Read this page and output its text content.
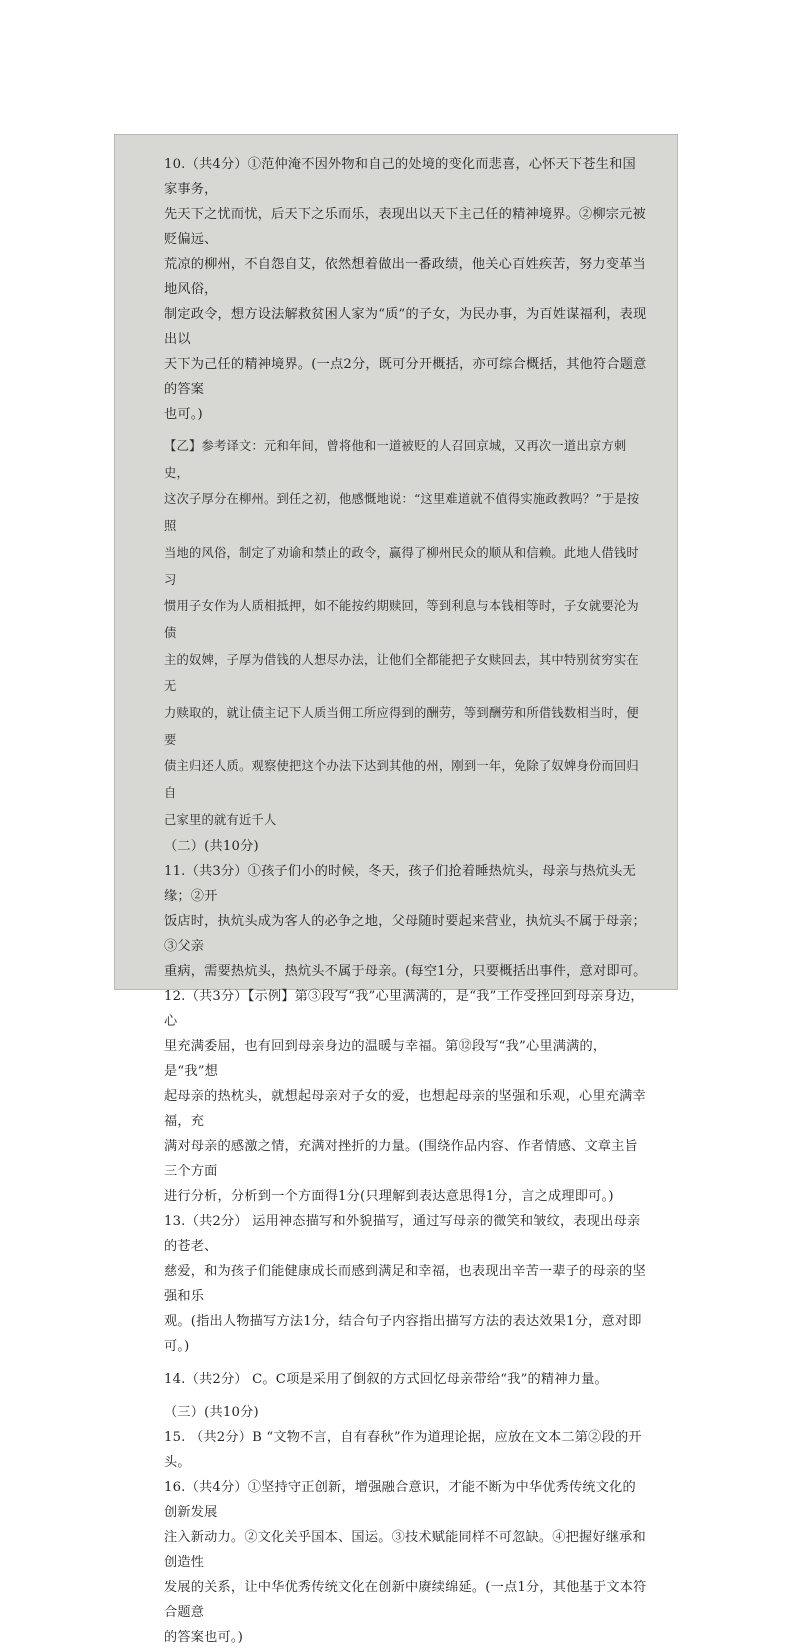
10.（共4分）①范仲淹不因外物和自己的处境的变化而悲喜，心怀天下苍生和国家事务，

先天下之忧而忧，后天下之乐而乐，表现出以天下主己任的精神境界。②柳宗元被贬偏远、

荒凉的柳州，不自怨自艾，依然想着做出一番政绩，他关心百姓疾苦，努力变革当地风俗，

制定政令，想方设法解救贫困人家为“质”的子女，为民办事，为百姓谋福利，表现出以

天下为己任的精神境界。(一点2分，既可分开概括，亦可综合概括，其他符合题意的答案

也可。)

【乙】参考译文：元和年间，曾将他和一道被贬的人召回京城，又再次一道出京方刺史，

这次子厚分在柳州。到任之初，他感慨地说：“这里难道就不值得实施政教吗？”于是按照

当地的风俗，制定了劝谕和禁止的政令，赢得了柳州民众的顺从和信赖。此地人借钱时习

惯用子女作为人质相抵押，如不能按约期赎回，等到利息与本钱相等时，子女就要沦为债

主的奴婢，子厚为借钱的人想尽办法，让他们全都能把子女赎回去，其中特别贫穷实在无

力赎取的，就让债主记下人质当佣工所应得到的酬劳，等到酬劳和所借钱数相当时，便要

债主归还人质。观察使把这个办法下达到其他的州，刚到一年，免除了奴婢身份而回归自

己家里的就有近千人

（二）(共10分)

11.（共3分）①孩子们小的时候，冬天，孩子们抢着睡热炕头，母亲与热炕头无缘；②开

饭店时，执炕头成为客人的必争之地，父母随时要起来营业，执炕头不属于母亲；③父亲

重病，需要热炕头，热炕头不属于母亲。(每空1分，只要概括出事件，意对即可。

12.（共3分）【示例】第③段写“我”心里满满的，是“我”工作受挫回到母亲身边，心

里充满委屈，也有回到母亲身边的温暖与幸福。第⑫段写“我”心里满满的，是“我”想

起母亲的热枕头，就想起母亲对子女的爱，也想起母亲的坚强和乐观，心里充满幸福，充

满对母亲的感激之情，充满对挫折的力量。(围绕作品内容、作者情感、文章主旨三个方面

进行分析，分析到一个方面得1分(只理解到表达意思得1分，言之成理即可。)

13.（共2分） 运用神态描写和外貌描写，通过写母亲的微笑和皱纹，表现出母亲的苍老、

慈爱，和为孩子们能健康成长而感到满足和幸福，也表现出辛苦一辈子的母亲的坚强和乐

观。(指出人物描写方法1分，结合句子内容指出描写方法的表达效果1分，意对即可。)

14.（共2分） C。C项是采用了倒叙的方式回忆母亲带给“我”的精神力量。

（三）(共10分)

15. （共2分）B “文物不言，自有春秋”作为道理论据，应放在文本二第②段的开头。

16.（共4分）①坚持守正创新，增强融合意识，才能不断为中华优秀传统文化的创新发展

注入新动力。②文化关乎国本、国运。③技术赋能同样不可忽缺。④把握好继承和创造性

发展的关系，让中华优秀传统文化在创新中赓续绵延。(一点1分，其他基于文本符合题意

的答案也可。)
